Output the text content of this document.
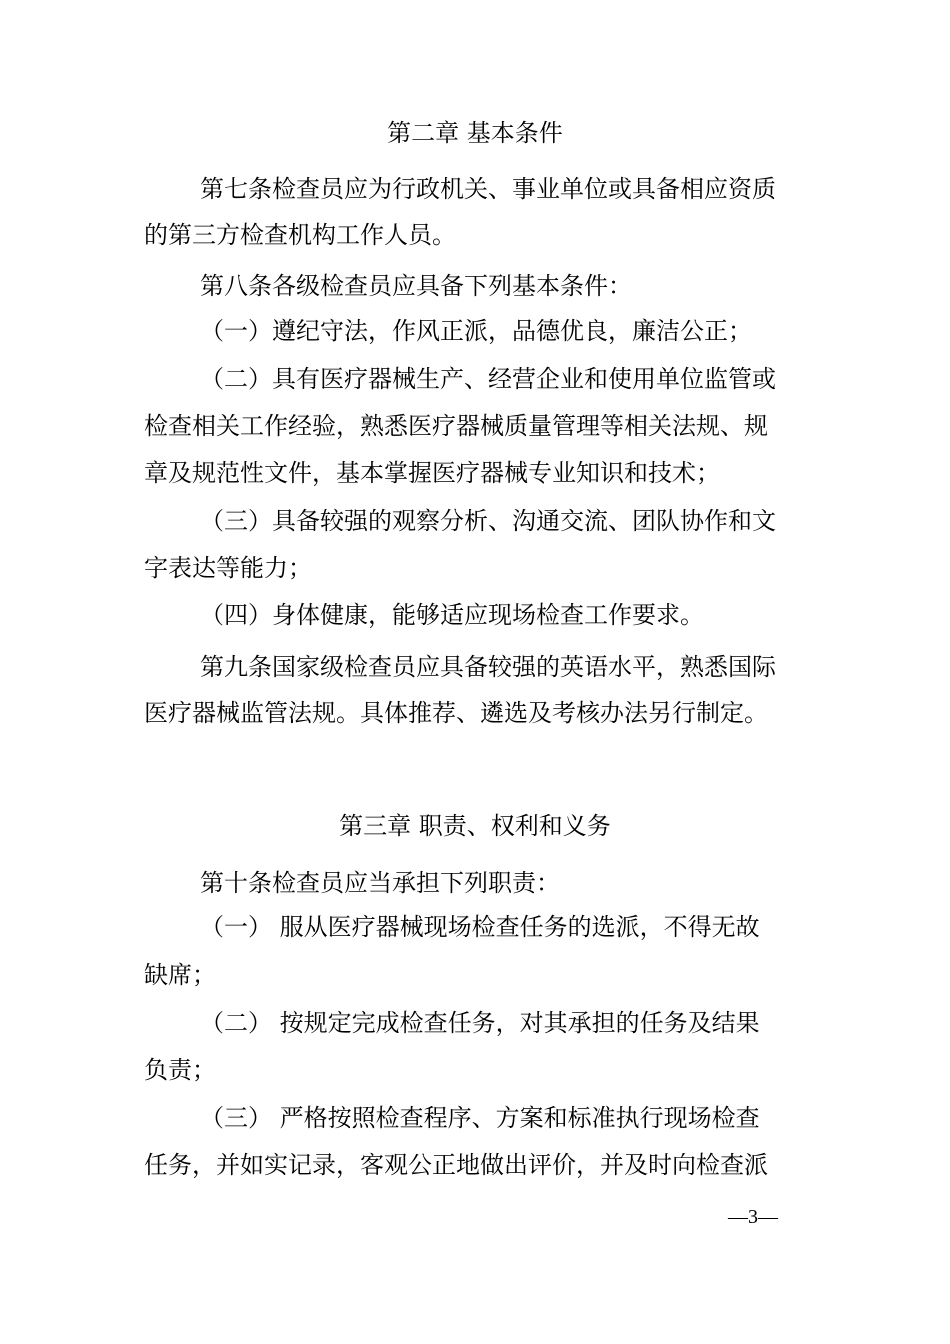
第二章 基本条件
第七条检查员应为行政机关、事业单位或具备相应资质
的第三方检查机构工作人员。
第八条各级检查员应具备下列基本条件：
（一）遵纪守法，作风正派，品德优良，廉洁公正；
（二）具有医疗器械生产、经营企业和使用单位监管或
检查相关工作经验，熟悉医疗器械质量管理等相关法规、规
章及规范性文件，基本掌握医疗器械专业知识和技术；
（三）具备较强的观察分析、沟通交流、团队协作和文
字表达等能力；
（四）身体健康，能够适应现场检查工作要求。
第九条国家级检查员应具备较强的英语水平，熟悉国际
医疗器械监管法规。具体推荐、遴选及考核办法另行制定。
第三章 职责、权利和义务
第十条检查员应当承担下列职责：
（一） 服从医疗器械现场检查任务的选派，不得无故
缺席；
（二） 按规定完成检查任务，对其承担的任务及结果
负责；
（三） 严格按照检查程序、方案和标准执行现场检查
任务，并如实记录，客观公正地做出评价，并及时向检查派
—3—
